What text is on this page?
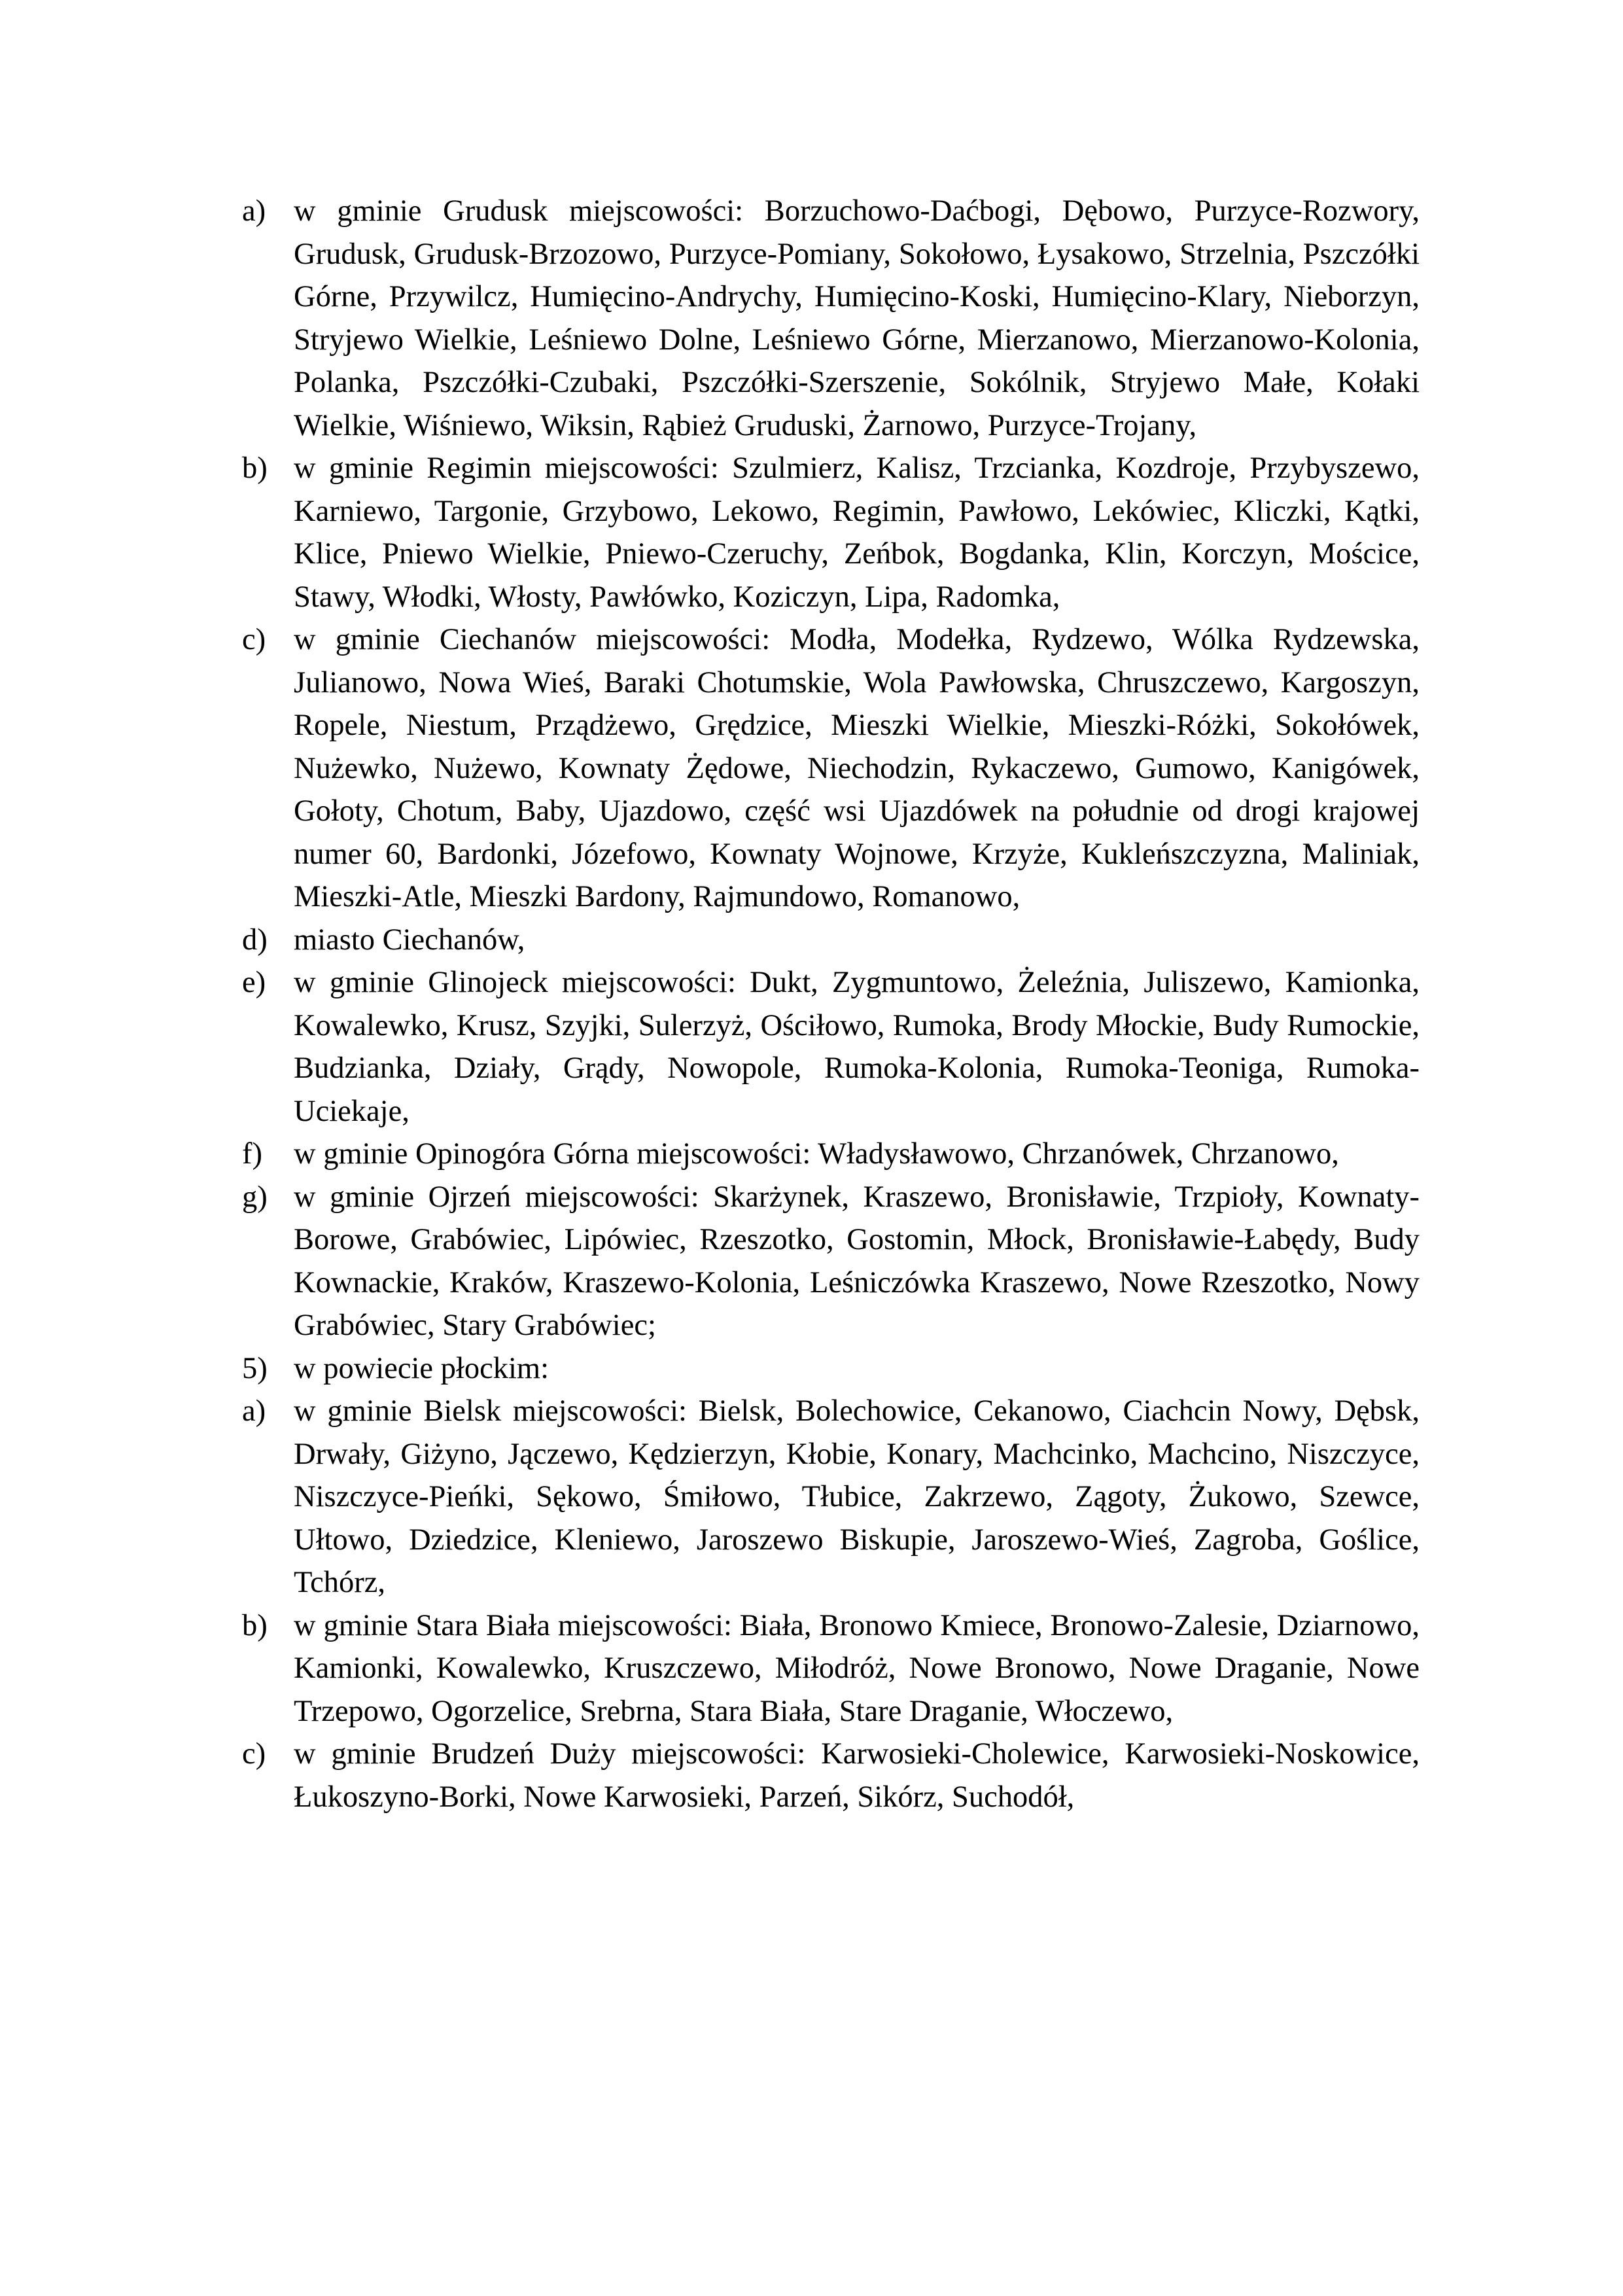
a) w gminie Grudusk miejscowości: Borzuchowo-Daćbogi, Dębowo, Purzyce-Rozwory, Grudusk, Grudusk-Brzozowo, Purzyce-Pomiany, Sokołowo, Łysakowo, Strzelnia, Pszczółki Górne, Przywilcz, Humięcino-Andrychy, Humięcino-Koski, Humięcino-Klary, Nieborzyn, Stryjewo Wielkie, Leśniewo Dolne, Leśniewo Górne, Mierzanowo, Mierzanowo-Kolonia, Polanka, Pszczółki-Czubaki, Pszczółki-Szerszenie, Sokólnik, Stryjewo Małe, Kołaki Wielkie, Wiśniewo, Wiksin, Rąbież Gruduski, Żarnowo, Purzyce-Trojany,
b) w gminie Regimin miejscowości: Szulmierz, Kalisz, Trzcianka, Kozdroje, Przybyszewo, Karniewo, Targonie, Grzybowo, Lekowo, Regimin, Pawłowo, Lekówiec, Kliczki, Kątki, Klice, Pniewo Wielkie, Pniewo-Czeruchy, Zeńbok, Bogdanka, Klin, Korczyn, Mościce, Stawy, Włodki, Włosty, Pawłówko, Koziczyn, Lipa, Radomka,
c) w gminie Ciechanów miejscowości: Modła, Modełka, Rydzewo, Wólka Rydzewska, Julianowo, Nowa Wieś, Baraki Chotumskie, Wola Pawłowska, Chruszczewo, Kargoszyn, Ropele, Niestum, Prządżewo, Grędzice, Mieszki Wielkie, Mieszki-Różki, Sokołówek, Nużewko, Nużewo, Kownaty Żędowe, Niechodzin, Rykaczewo, Gumowo, Kanigówek, Gołoty, Chotum, Baby, Ujazdowo, część wsi Ujazdówek na południe od drogi krajowej numer 60, Bardonki, Józefowo, Kownaty Wojnowe, Krzyże, Kukleńszczyzna, Maliniak, Mieszki-Atle, Mieszki Bardony, Rajmundowo, Romanowo,
d) miasto Ciechanów,
e) w gminie Glinojeck miejscowości: Dukt, Zygmuntowo, Żeleźnia, Juliszewo, Kamionka, Kowalewko, Krusz, Szyjki, Sulerzyż, Ościłowo, Rumoka, Brody Młockie, Budy Rumockie, Budzianka, Działy, Grądy, Nowopole, Rumoka-Kolonia, Rumoka-Teoniga, Rumoka-Uciekaje,
f) w gminie Opinogóra Górna miejscowości: Władysławowo, Chrzanówek, Chrzanowo,
g) w gminie Ojrzeń miejscowości: Skarżynek, Kraszewo, Bronisławie, Trzpioły, Kownaty-Borowe, Grabówiec, Lipówiec, Rzeszotko, Gostomin, Młock, Bronisławie-Łabędy, Budy Kownackie, Kraków, Kraszewo-Kolonia, Leśniczówka Kraszewo, Nowe Rzeszotko, Nowy Grabówiec, Stary Grabówiec;
5) w powiecie płockim:
a) w gminie Bielsk miejscowości: Bielsk, Bolechowice, Cekanowo, Ciachcin Nowy, Dębsk, Drwały, Giżyno, Jączewo, Kędzierzyn, Kłobie, Konary, Machcinko, Machcino, Niszczyce, Niszczyce-Pieńki, Sękowo, Śmiłowo, Tłubice, Zakrzewo, Zągoty, Żukowo, Szewce, Ułtowo, Dziedzice, Kleniewo, Jaroszewo Biskupie, Jaroszewo-Wieś, Zagroba, Goślice, Tchórz,
b) w gminie Stara Biała miejscowości: Biała, Bronowo Kmiece, Bronowo-Zalesie, Dziarnowo, Kamionki, Kowalewko, Kruszczewo, Miłodróż, Nowe Bronowo, Nowe Draganie, Nowe Trzepowo, Ogorzelice, Srebrna, Stara Biała, Stare Draganie, Włoczewo,
c) w gminie Brudzeń Duży miejscowości: Karwosieki-Cholewice, Karwosieki-Noskowice, Łukoszyno-Borki, Nowe Karwosieki, Parzeń, Sikórz, Suchodół,
